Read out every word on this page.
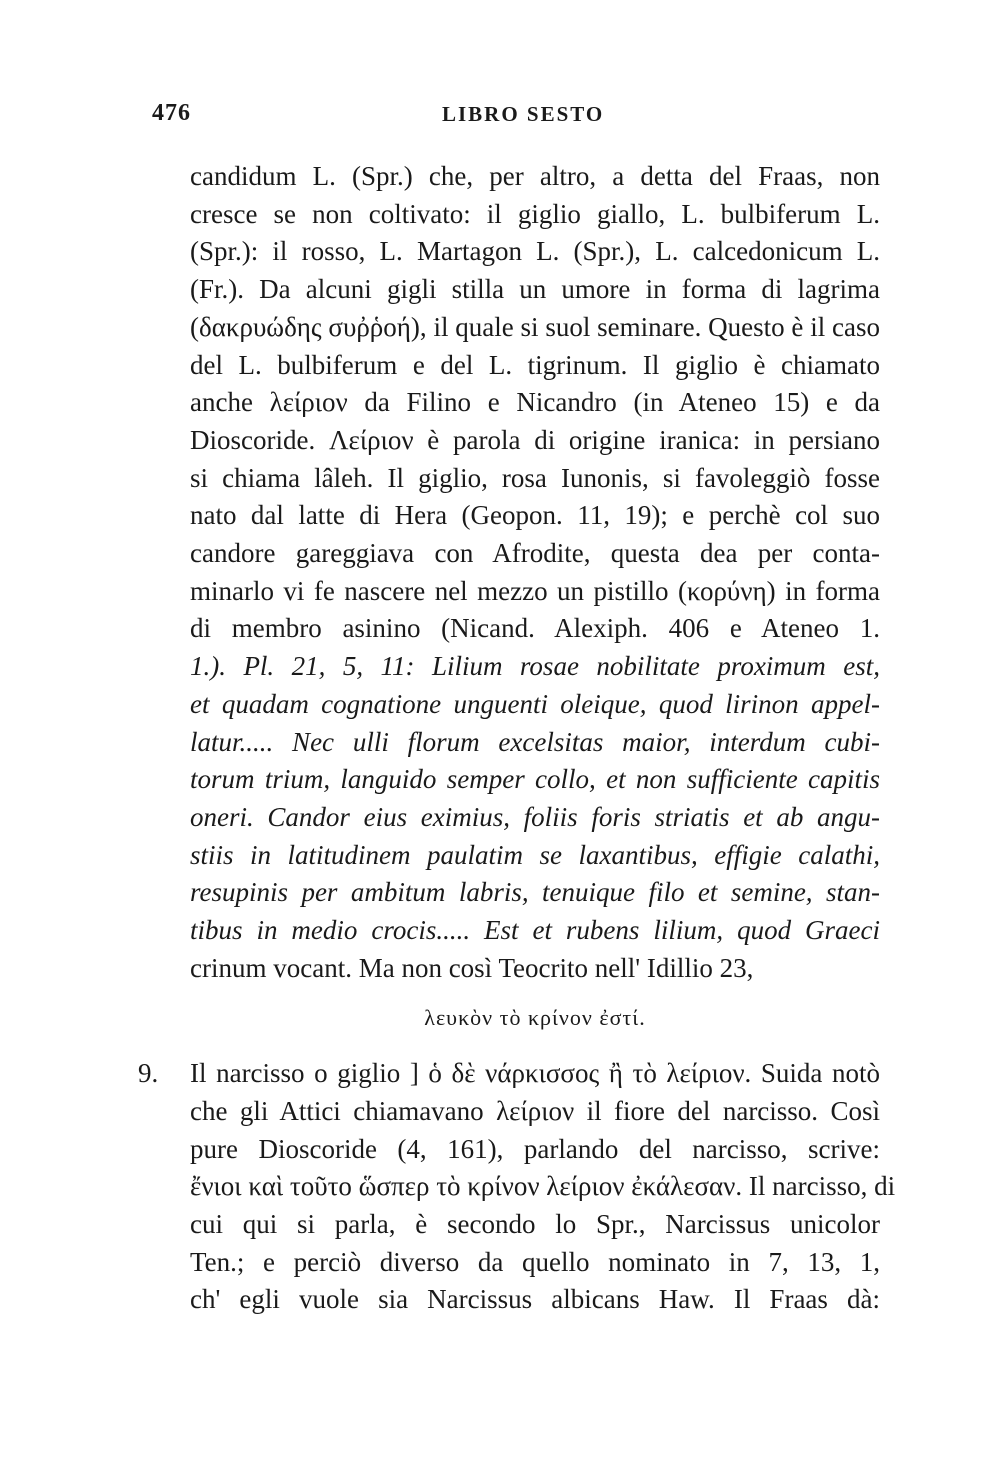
476	LIBRO SESTO
candidum L. (Spr.) che, per altro, a detta del Fraas, non
cresce se non coltivato: il giglio giallo, L. bulbiferum L.
(Spr.): il rosso, L. Martagon L. (Spr.), L. calcedonicum L.
(Fr.). Da alcuni gigli stilla un umore in forma di lagrima
(δακρυώδης συῤῥοή), il quale si suol seminare. Questo è il caso
del L. bulbiferum e del L. tigrinum. Il giglio è chiamato
anche λείριον da Filino e Nicandro (in Ateneo 15) e da
Dioscoride. Λείριον è parola di origine iranica: in persiano
si chiama lâleh. Il giglio, rosa Iunonis, si favoleggiò fosse
nato dal latte di Hera (Geopon. 11, 19); e perchè col suo
candore gareggiava con Afrodite, questa dea per conta-
minarlo vi fe nascere nel mezzo un pistillo (κορύνη) in forma
di membro asinino (Nicand. Alexiph. 406 e Ateneo 1.
1.). Pl. 21, 5, 11: Lilium rosae nobilitate proximum est,
et quadam cognatione unguenti oleique, quod lirinon appel-
latur..... Nec ulli florum excelsitas maior, interdum cubi-
torum trium, languido semper collo, et non sufficiente capitis
oneri. Candor eius eximius, foliis foris striatis et ab angu-
stiis in latitudinem paulatim se laxantibus, effigie calathi,
resupinis per ambitum labris, tenuique filo et semine, stan-
tibus in medio crocis..... Est et rubens lilium, quod Graeci
crinum vocant. Ma non così Teocrito nell' Idillio 23,
λευκὸν τὸ κρίνον ἐστί.
9. Il narcisso o giglio ] ὁ δὲ νάρκισσος ἢ τὸ λείριον. Suida notò
che gli Attici chiamavano λείριον il fiore del narcisso. Così
pure Dioscoride (4, 161), parlando del narcisso, scrive:
ἔνιοι καὶ τοῦτο ὥσπερ τὸ κρίνον λείριον ἐκάλεσαν. Il narcisso, di
cui qui si parla, è secondo lo Spr., Narcissus unicolor
Ten.; e perciò diverso da quello nominato in 7, 13, 1,
ch' egli vuole sia Narcissus albicans Haw. Il Fraas dà:
